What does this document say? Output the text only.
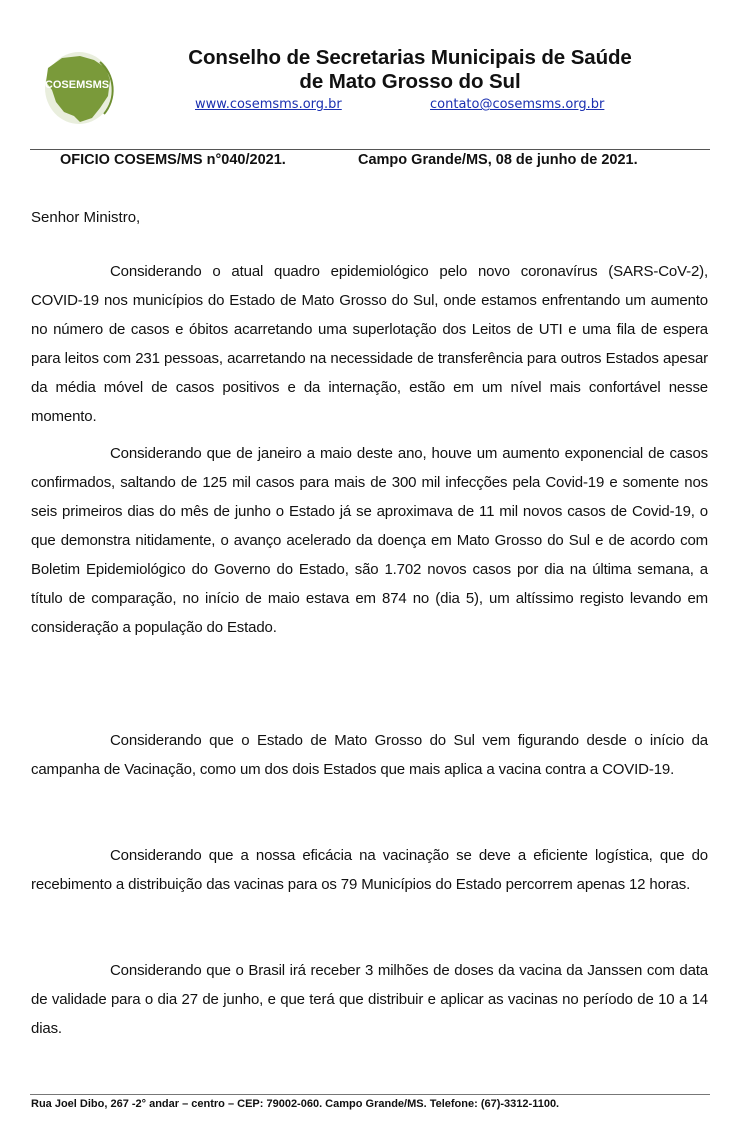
COSEMSMS
Conselho de Secretarias Municipais de Saúde
de Mato Grosso do Sul
www.cosemsms.org.br	contato@cosemsms.org.br
OFICIO COSEMS/MS n°040/2021.	Campo Grande/MS, 08 de junho de 2021.
Senhor Ministro,

Considerando o atual quadro epidemiológico pelo novo coronavírus (SARS-CoV-2), COVID-19 nos municípios do Estado de Mato Grosso do Sul, onde estamos enfrentando um aumento no número de casos e óbitos acarretando uma superlotação dos Leitos de UTI e uma fila de espera para leitos com 231 pessoas, acarretando na necessidade de transferência para outros Estados apesar da média móvel de casos positivos e da internação, estão em um nível mais confortável nesse momento.

Considerando que de janeiro a maio deste ano, houve um aumento exponencial de casos confirmados, saltando de 125 mil casos para mais de 300 mil infecções pela Covid-19 e somente nos seis primeiros dias do mês de junho o Estado já se aproximava de 11 mil novos casos de Covid-19, o que demonstra nitidamente, o avanço acelerado da doença em Mato Grosso do Sul e de acordo com Boletim Epidemiológico do Governo do Estado, são 1.702 novos casos por dia na última semana, a título de comparação, no início de maio estava em 874 no (dia 5), um altíssimo registo levando em consideração a população do Estado.

Considerando que o Estado de Mato Grosso do Sul vem figurando desde o início da campanha de Vacinação, como um dos dois Estados que mais aplica a vacina contra a COVID-19.

Considerando que a nossa eficácia na vacinação se deve a eficiente logística, que do recebimento a distribuição das vacinas para os 79 Municípios do Estado percorrem apenas 12 horas.

Considerando que o Brasil irá receber 3 milhões de doses da vacina da Janssen com data de validade para o dia 27 de junho, e que terá que distribuir e aplicar as vacinas no período de 10 a 14 dias.

Rua Joel Dibo, 267 -2° andar – centro – CEP: 79002-060. Campo Grande/MS. Telefone: (67)-3312-1100.
